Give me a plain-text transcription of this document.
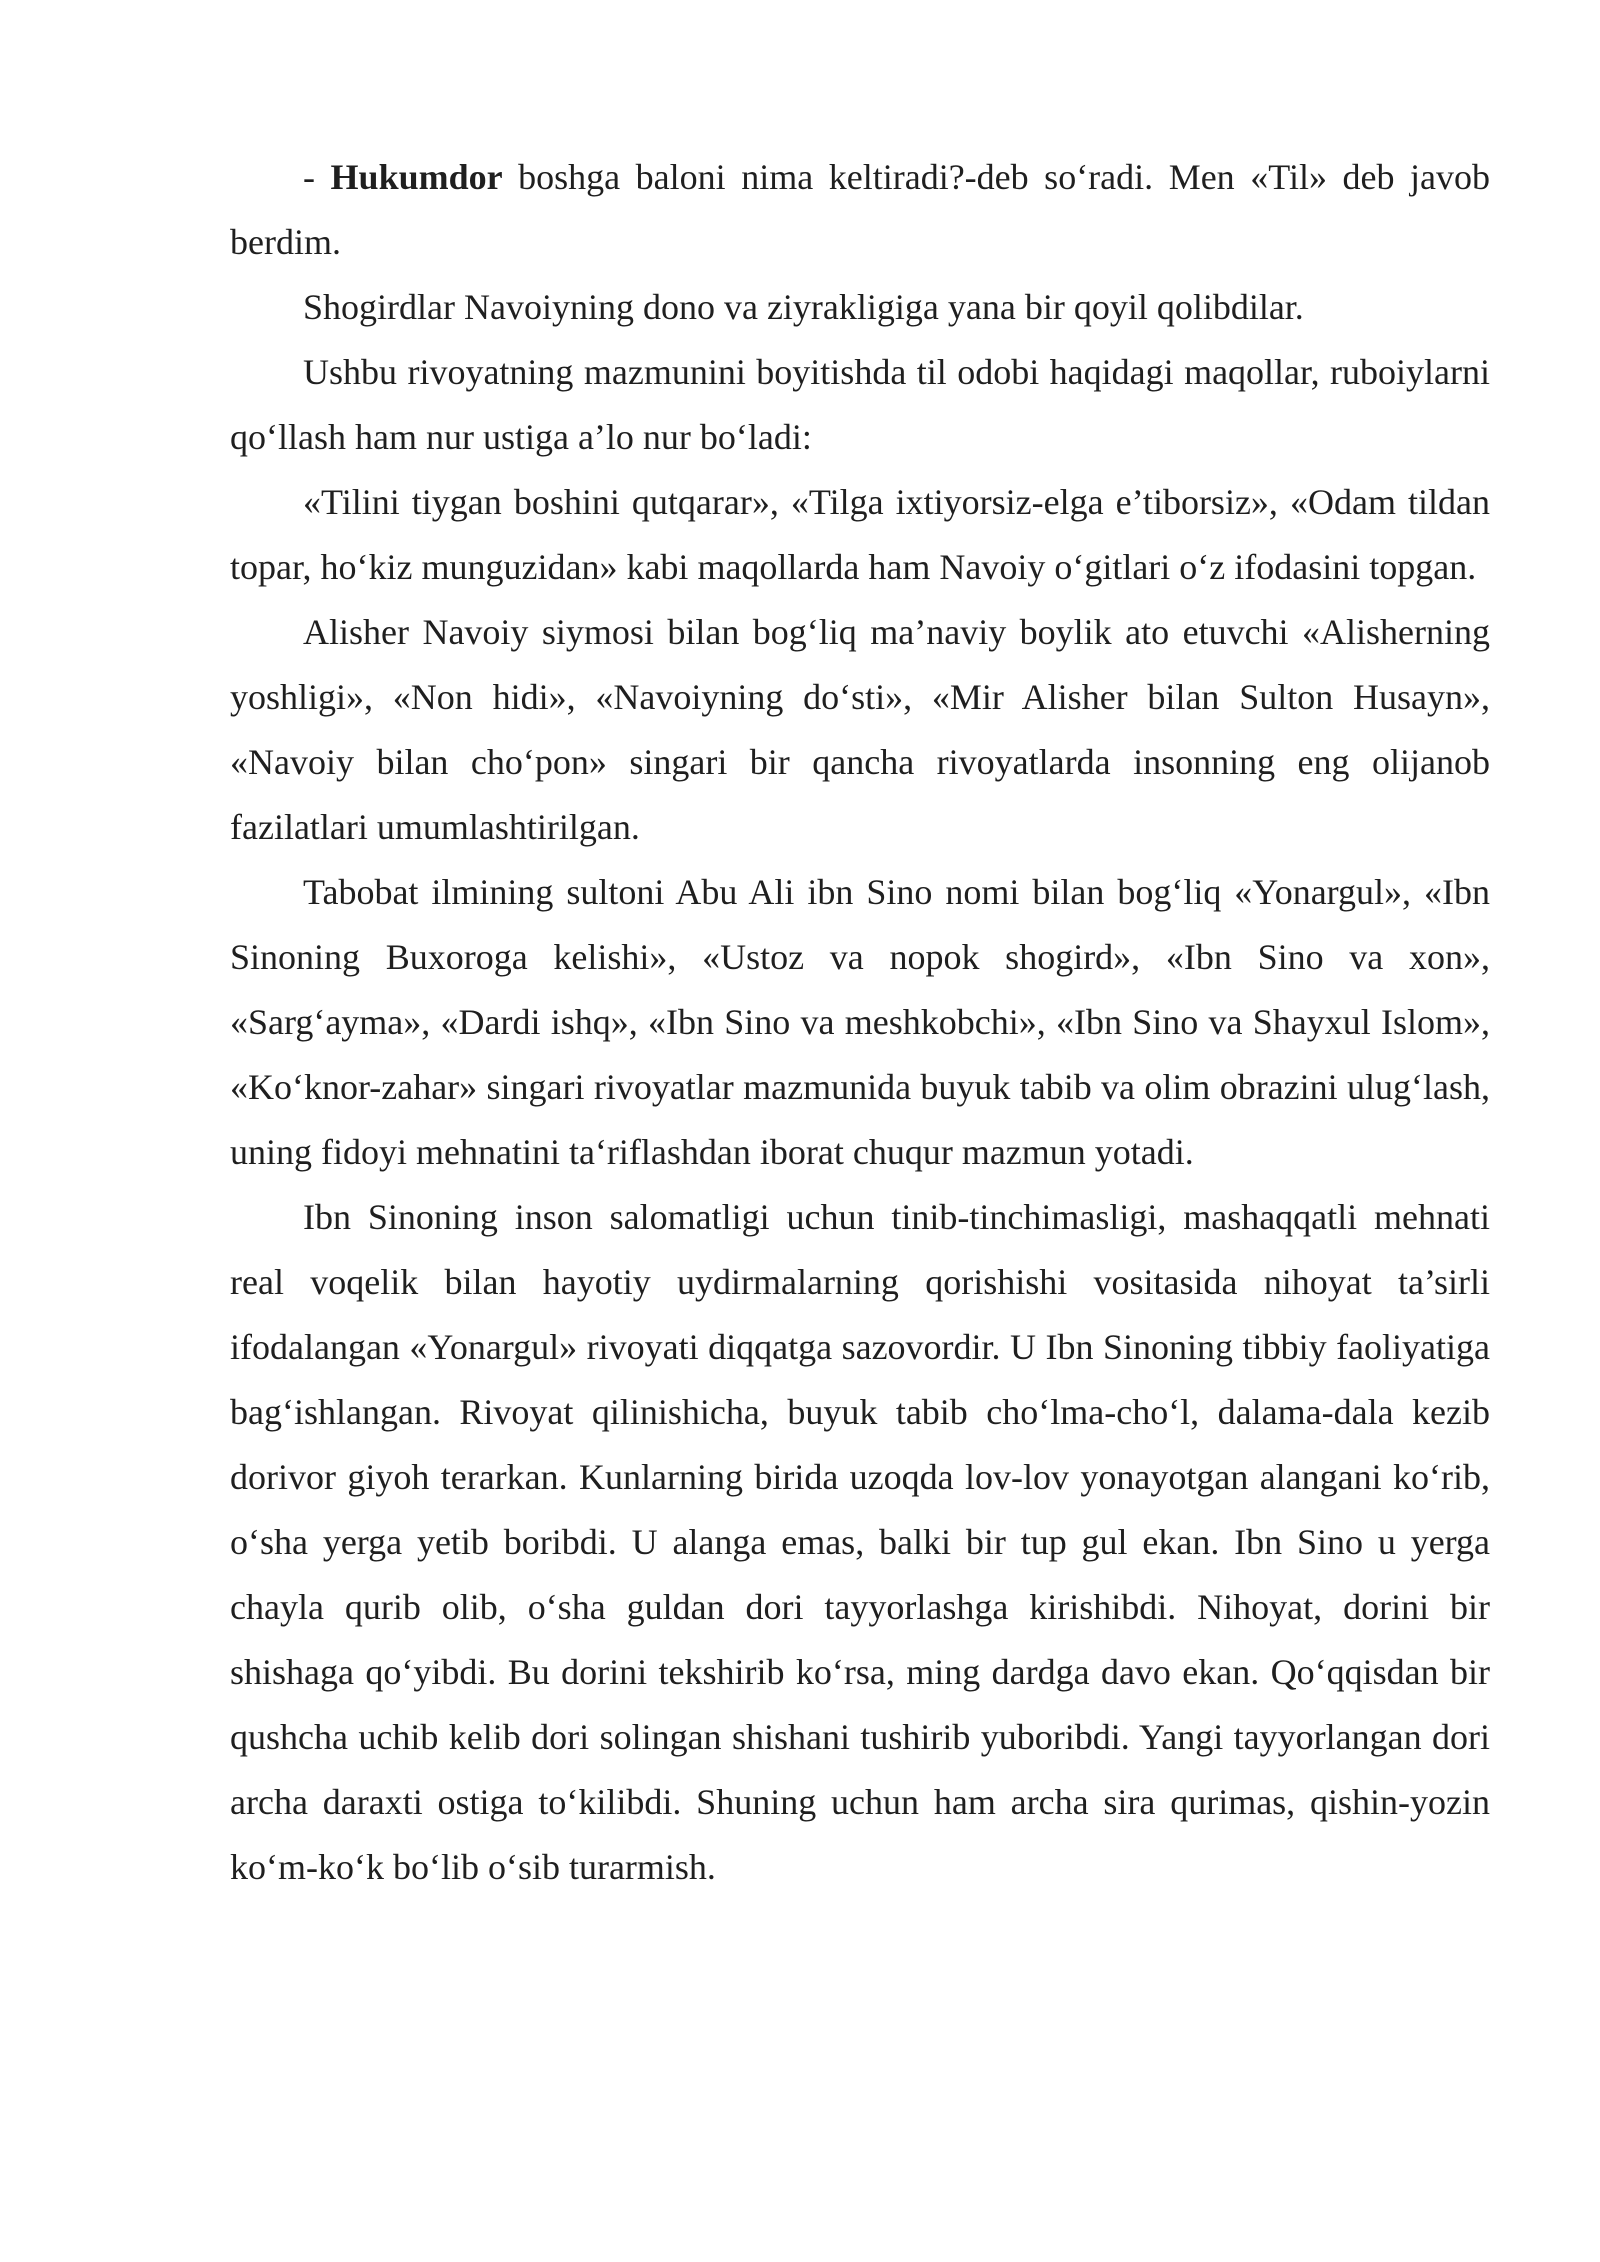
- Hukumdor boshga baloni nima keltiradi?-deb so‘radi. Men «Til» deb javob berdim.

Shogirdlar Navoiyning dono va ziyrakligiga yana bir qoyil qolibdilar.

Ushbu rivoyatning mazmunini boyitishda til odobi haqidagi maqollar, ruboiylarni qo‘llash ham nur ustiga a’lo nur bo‘ladi:

«Tilini tiygan boshini qutqarar», «Tilga ixtiyorsiz-elga e’tiborsiz», «Odam tildan topar, ho‘kiz munguzidan» kabi maqollarda ham Navoiy o‘gitlari o‘z ifodasini topgan.

Alisher Navoiy siymosi bilan bog‘liq ma’naviy boylik ato etuvchi «Alisherning yoshligi», «Non hidi», «Navoiyning do‘sti», «Mir Alisher bilan Sulton Husayn», «Navoiy bilan cho‘pon» singari bir qancha rivoyatlarda insonning eng olijanob fazilatlari umumlashtirilgan.

Tabobat ilmining sultoni Abu Ali ibn Sino nomi bilan bog‘liq «Yonargul», «Ibn Sinoning Buxoroga kelishi», «Ustoz va nopok shogird», «Ibn Sino va xon», «Sarg‘ayma», «Dardi ishq», «Ibn Sino va meshkobchi», «Ibn Sino va Shayxul Islom», «Ko‘knor-zahar» singari rivoyatlar mazmunida buyuk tabib va olim obrazini ulug‘lash, uning fidoyi mehnatini ta‘riflashdan iborat chuqur mazmun yotadi.

Ibn Sinoning inson salomatligi uchun tinib-tinchimasligi, mashaqqatli mehnati real voqelik bilan hayotiy uydirmalarning qorishishi vositasida nihoyat ta’sirli ifodalangan «Yonargul» rivoyati diqqatga sazovordir. U Ibn Sinoning tibbiy faoliyatiga bag‘ishlangan. Rivoyat qilinishicha, buyuk tabib cho‘lma-cho‘l, dalama-dala kezib dorivor giyoh terarkan. Kunlarning birida uzoqda lov-lov yonayotgan alangani ko‘rib, o‘sha yerga yetib boribdi. U alanga emas, balki bir tup gul ekan. Ibn Sino u yerga chayla qurib olib, o‘sha guldan dori tayyorlashga kirishibdi. Nihoyat, dorini bir shishaga qo‘yibdi. Bu dorini tekshirib ko‘rsa, ming dardga davo ekan. Qo‘qqisdan bir qushcha uchib kelib dori solingan shishani tushirib yuboribdi. Yangi tayyorlangan dori archa daraxti ostiga to‘kilibdi. Shuning uchun ham archa sira qurimas, qishin-yozin ko‘m-ko‘k bo‘lib o‘sib turarmish.
